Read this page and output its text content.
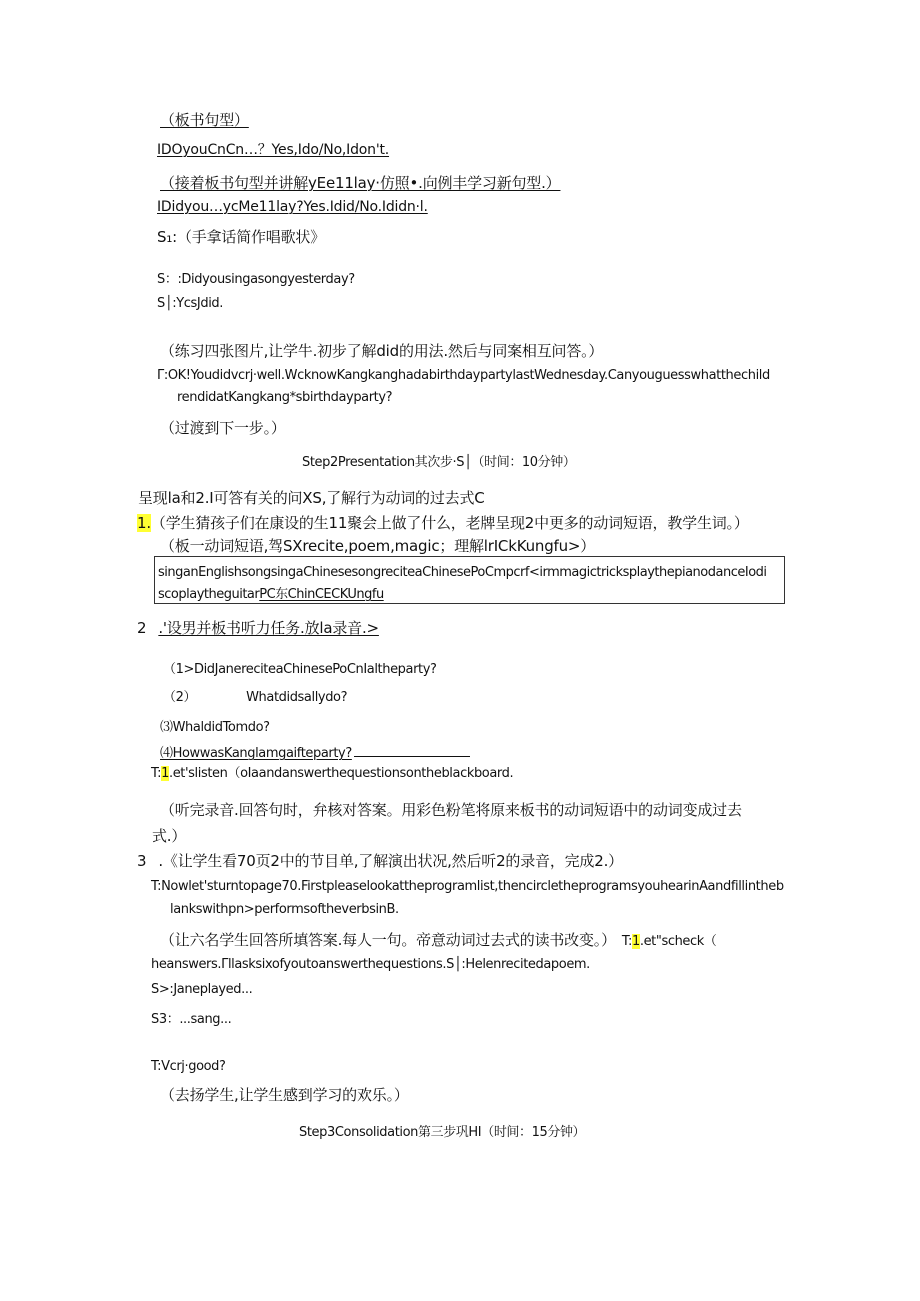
（板书句型）
IDOyouCnCn…？Yes,Ido/No,Idon't.
（接着板书句型并讲解yEe11lay·仿照•.向例丰学习新句型.）
IDidyou…ycMe11lay?Yes.Idid/No.Ididn·l.
S₁:（手拿话简作唱歌状》
S：:Didyousingasongyesterday?
S│:YcsJdid.
（练习四张图片,让学牛.初步了解did的用法.然后与同案相互问答。）
Γ:OK!Youdidvcrj·well.WcknowKangkanghadabirthdaypartylastWednesday.Canyouguesswhatthechild
rendidatKangkang*sbirthdayparty?
（过渡到下一步。）
Step2Presentation其次步·S│（时间：10分钟）
呈现la和2.I可答有关的问XS,了解行为动词的过去式C
1.（学生猜孩子们在康设的生11聚会上做了什么，老牌呈现2中更多的动词短语，教学生词。）
（板一动词短语,驾SXrecite,poem,magic；理解lrICkKungfu>）
singanEnglishsongsingaChinesesongreciteaChinesePoCmpcrf<irmmagictricksplaythepianodanceIodi
scoplaytheguitarPC东ChinCECKUngfu
2 .'设男并板书听力任务.放la录音.>
（1>DidJanereciteaChinesePoCnIaltheparty?
（2）	Whatdidsallydo?
⑶WhaldidTomdo?
⑷HowwasKanglamgaifteparty?
T:1.et'slisten（oIaandanswerthequestionsontheblackboard.
（听完录音.回答句时，弁核对答案。用彩色粉笔将原来板书的动词短语中的动词变成过去
式.）
3 .《让学生看70页2中的节目单,了解演出状况,然后听2的录音，完成2.）
T:Nowlet'sturntopage70.Firstpleaselookattheprogramlist,thencircletheprogramsyouhearinAandfillintheb
lankswithpn>performsoftheverbsinB.
（让六名学生回答所填答案.每人一句。帝意动词过去式的读书改变。） T:1.et"scheck（
heanswers.Γllasksixofyoutoanswerthequestions.S│:Helenrecitedapoem.
S>:Janeplayed...
S3：...sang...
T:Vcrj·good?
（去扬学生,让学生感到学习的欢乐。）
Step3Consolidation第三步巩HI（时间：15分钟）
